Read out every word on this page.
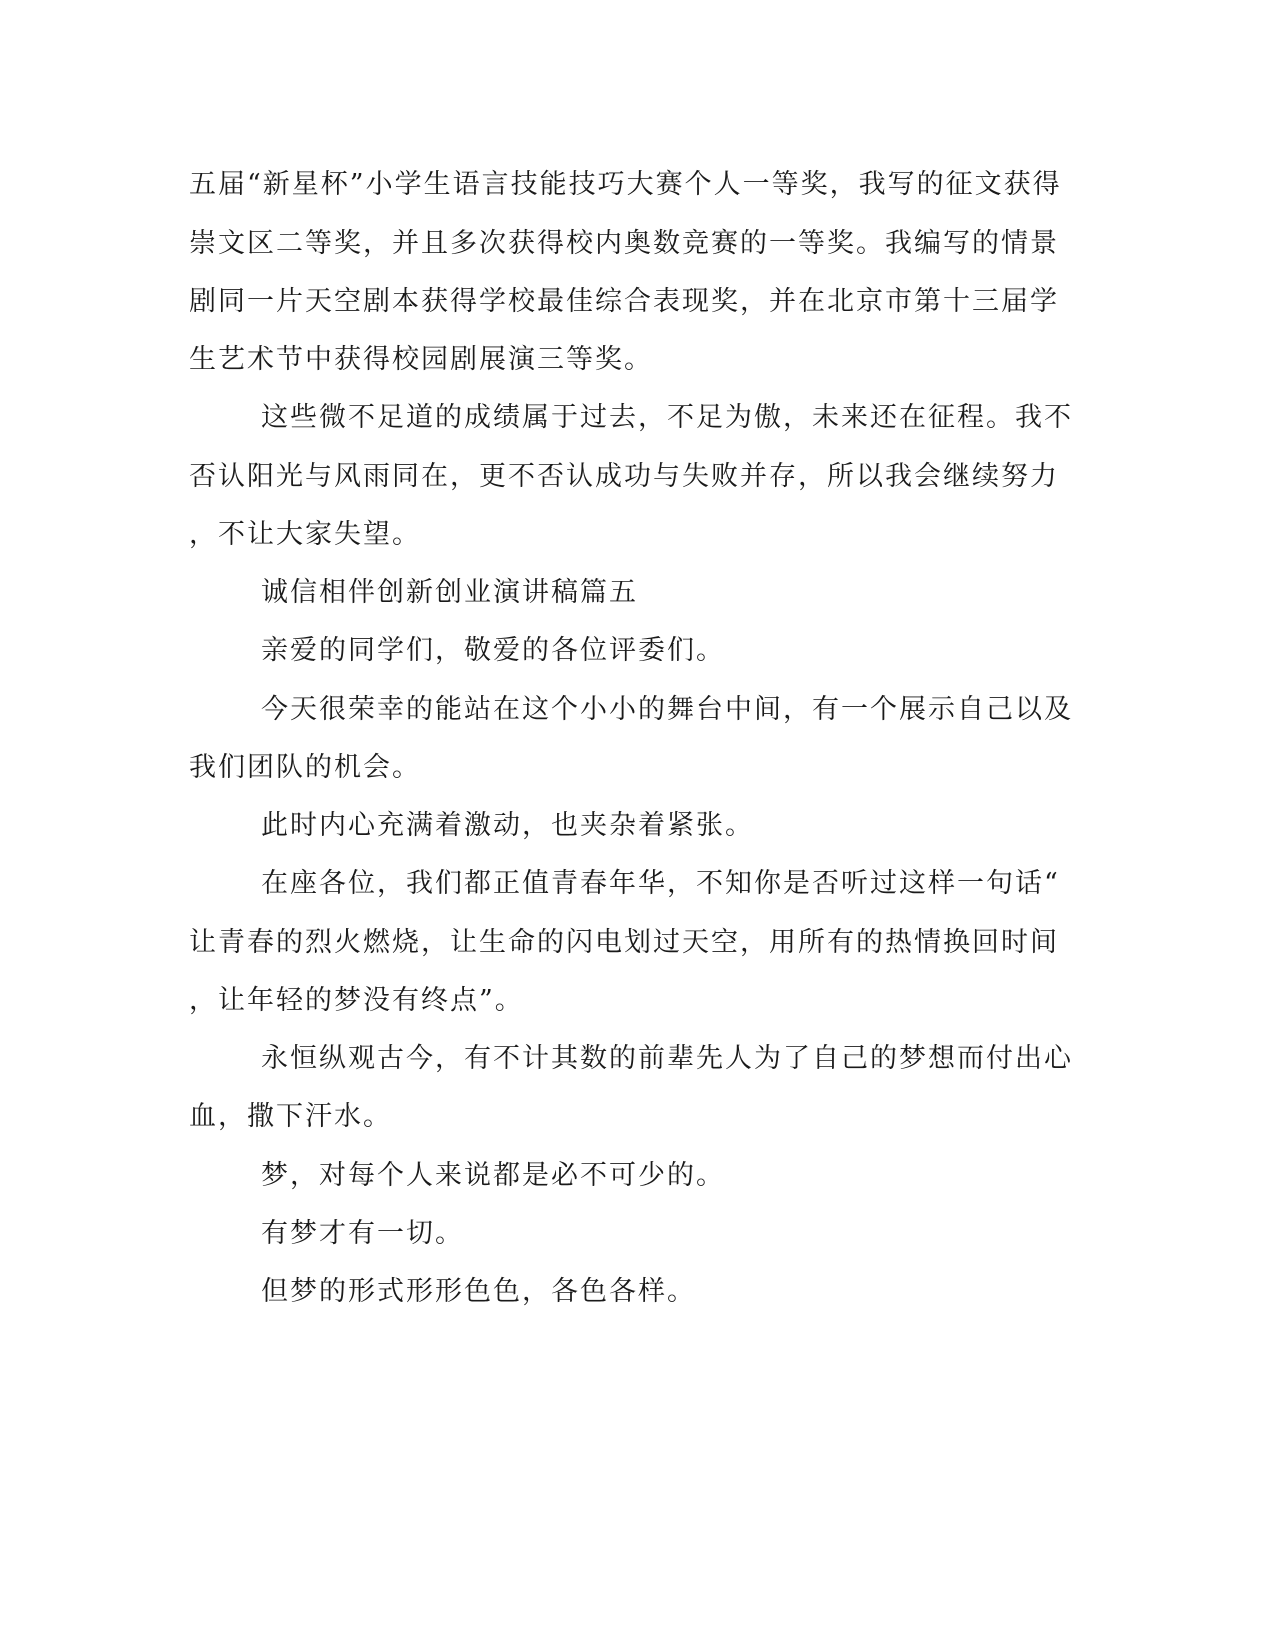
五届“新星杯”小学生语言技能技巧大赛个人一等奖，我写的征文获得
崇文区二等奖，并且多次获得校内奥数竞赛的一等奖。我编写的情景
剧同一片天空剧本获得学校最佳综合表现奖，并在北京市第十三届学
生艺术节中获得校园剧展演三等奖。
这些微不足道的成绩属于过去，不足为傲，未来还在征程。我不
否认阳光与风雨同在，更不否认成功与失败并存，所以我会继续努力
，不让大家失望。
诚信相伴创新创业演讲稿篇五
亲爱的同学们，敬爱的各位评委们。
今天很荣幸的能站在这个小小的舞台中间，有一个展示自己以及
我们团队的机会。
此时内心充满着激动，也夹杂着紧张。
在座各位，我们都正值青春年华，不知你是否听过这样一句话“
让青春的烈火燃烧，让生命的闪电划过天空，用所有的热情换回时间
，让年轻的梦没有终点”。
永恒纵观古今，有不计其数的前辈先人为了自己的梦想而付出心
血，撒下汗水。
梦，对每个人来说都是必不可少的。
有梦才有一切。
但梦的形式形形色色，各色各样。
